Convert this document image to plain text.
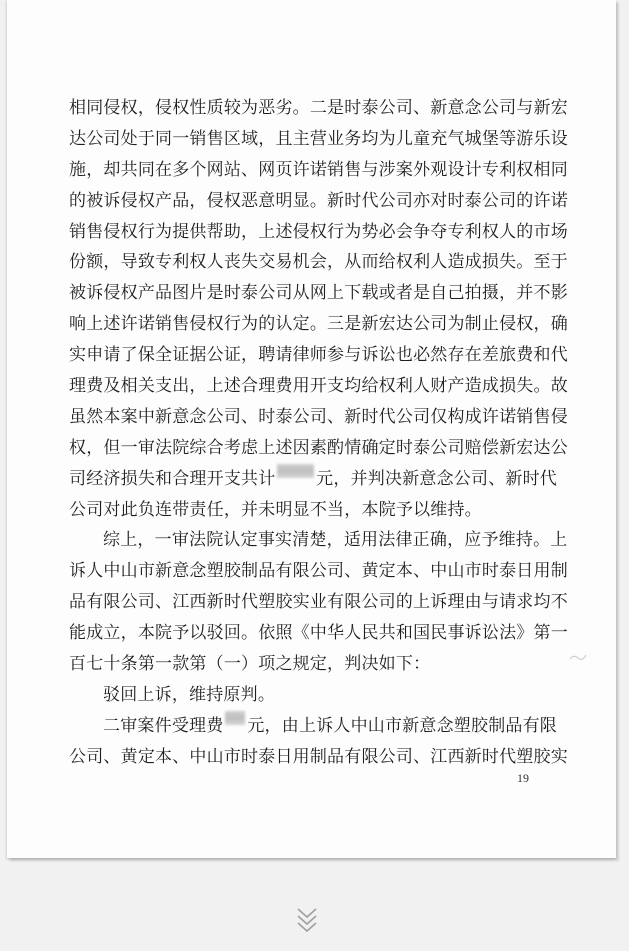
相 同 侵 权 ， 侵 权 性 质 较 为 恶 劣 。 二 是 时 泰 公 司 、 新 意 念 公 司 与 新 宏
达 公 司 处 于 同 一 销 售 区 域 ， 且 主 营 业 务 均 为 儿 童 充 气 城 堡 等 游 乐 设
施 ， 却 共 同 在 多 个 网 站 、 网 页 许 诺 销 售 与 涉 案 外 观 设 计 专 利 权 相 同
的 被 诉 侵 权 产 品 ， 侵 权 恶 意 明 显 。 新 时 代 公 司 亦 对 时 泰 公 司 的 许 诺
销 售 侵 权 行 为 提 供 帮 助 ， 上 述 侵 权 行 为 势 必 会 争 夺 专 利 权 人 的 市 场
份 额 ， 导 致 专 利 权 人 丧 失 交 易 机 会 ， 从 而 给 权 利 人 造 成 损 失 。 至 于
被 诉 侵 权 产 品 图 片 是 时 泰 公 司 从 网 上 下 载 或 者 是 自 己 拍 摄 ， 并 不 影
响 上 述 许 诺 销 售 侵 权 行 为 的 认 定 。 三 是 新 宏 达 公 司 为 制 止 侵 权 ， 确
实 申 请 了 保 全 证 据 公 证 ， 聘 请 律 师 参 与 诉 讼 也 必 然 存 在 差 旅 费 和 代
理 费 及 相 关 支 出 ， 上 述 合 理 费 用 开 支 均 给 权 利 人 财 产 造 成 损 失 。 故
虽 然 本 案 中 新 意 念 公 司 、 时 泰 公 司 、 新 时 代 公 司 仅 构 成 许 诺 销 售 侵
权 ， 但 一 审 法 院 综 合 考 虑 上 述 因 素 酌 情 确 定 时 泰 公 司 赔 偿 新 宏 达 公
司 经 济 损 失 和 合 理 开 支 共 计 元 ， 并 判 决 新 意 念 公 司 、 新 时 代
公 司 对 此 负 连 带 责 任 ， 并 未 明 显 不 当 ， 本 院 予 以 维 持 。
综 上 ， 一 审 法 院 认 定 事 实 清 楚 ， 适 用 法 律 正 确 ， 应 予 维 持 。 上
诉 人 中 山 市 新 意 念 塑 胶 制 品 有 限 公 司 、 黄 定 本 、 中 山 市 时 泰 日 用 制
品 有 限 公 司 、 江 西 新 时 代 塑 胶 实 业 有 限 公 司 的 上 诉 理 由 与 请 求 均 不
能 成 立 ， 本 院 予 以 驳 回 。 依 照 《 中 华 人 民 共 和 国 民 事 诉 讼 法 》 第 一
百 七 十 条 第 一 款 第 （ 一 ） 项 之 规 定 ， 判 决 如 下 ：
驳 回 上 诉 ， 维 持 原 判 。
二 审 案 件 受 理 费 元 ， 由 上 诉 人 中 山 市 新 意 念 塑 胶 制 品 有 限
公 司 、 黄 定 本 、 中 山 市 时 泰 日 用 制 品 有 限 公 司 、 江 西 新 时 代 塑 胶 实
19
